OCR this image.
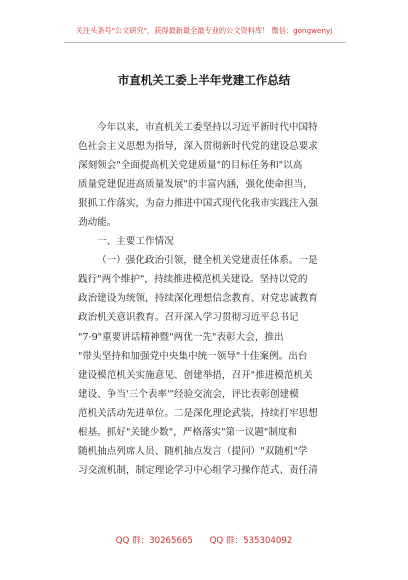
关注头条号"公文研究"，获得最新最全最专业的公文资料库！ 微信：gongwenyj
市直机关工委上半年党建工作总结
今年以来，市直机关工委坚持以习近平新时代中国特
色社会主义思想为指导，深入贯彻新时代党的建设总要求
深刻领会"全面提高机关党建质量"的目标任务和"以高
质量党建促进高质量发展"的丰富内涵，强化使命担当，
狠抓工作落实，为奋力推进中国式现代化我市实践注入强
劲动能。
一、主要工作情况
（一）强化政治引领，健全机关党建责任体系。一是
践行"两个维护"，持续推进模范机关建设。坚持以党的
政治建设为统领，持续深化理想信念教育、对党忠诚教育
政治机关意识教育。召开深入学习贯彻习近平总书记
"7·9"重要讲话精神暨"两优一先"表彰大会，推出
"带头坚持和加强党中央集中统一领导"十佳案例。出台
建设模范机关实施意见、创建举措，召开"推进模范机关
建设、争当'三个表率'"经验交流会，评比表彰创建模
范机关活动先进单位。二是深化理论武装，持续打牢思想
根基。抓好"关键少数"，严格落实"第一议题"制度和
随机抽点列席人员、随机抽点发言（提问）"双随机"学
习交流机制，制定理论学习中心组学习操作范式、责任清
QQ 群：30265665 QQ 群：535304092
